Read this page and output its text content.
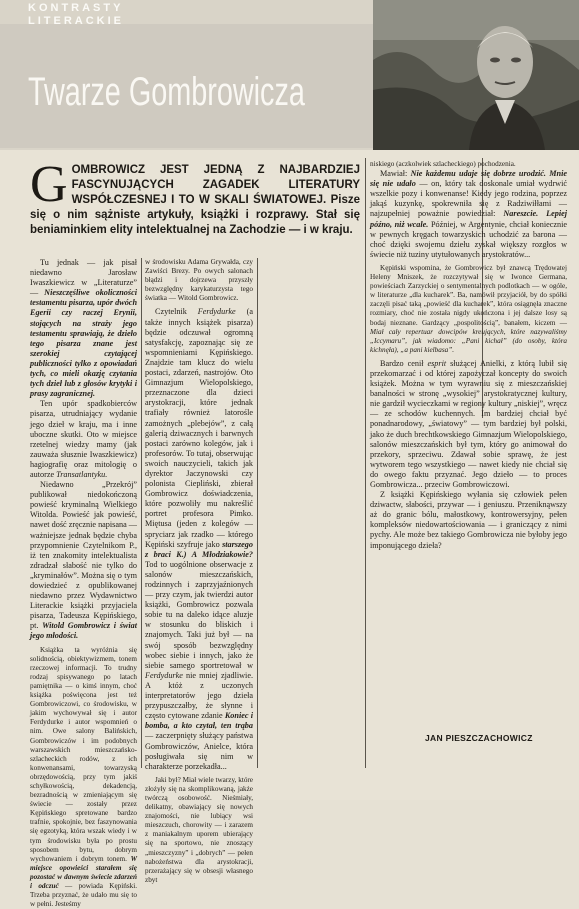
KONTRASTY
LITERACKIE
Twarze Gombrowicza
GOMBROWICZ JEST JEDNĄ Z NAJBARDZIEJ FASCYNUJĄCYCH ZAGADEK LITERATURY WSPÓŁCZESNEJ I TO W SKALI ŚWIATOWEJ. Pisze się o nim sążniste artykuły, książki i rozprawy. Stał się beniaminkiem elity intelektualnej na Zachodzie — i w kraju.

Tu jednak — jak pisał niedawno Jarosław Iwaszkiewicz w „Literaturze” — Nieszczęśliwe okoliczności testamentu pisarza, upór dwóch Egerii czy raczej Erynii, stojących na straży jego testamentu sprawiają, że dzieło tego pisarza znane jest szerokiej czytającej publiczności tylko z opowiadań tych, co mieli okazję czytania tych dzieł lub z głosów krytyki i prasy zagranicznej.

Ten upór spadkobierców pisarza, utrudniający wydanie jego dzieł w kraju, ma i inne uboczne skutki. Oto w miejsce rzetelnej wiedzy mamy (jak zauważa słusznie Iwaszkiewicz) hagiografię oraz mitologię o autorze Transatlantyku.

Niedawno „Przekrój” publikował niedokończoną powieść kryminalną Wielkiego Witolda. Powieść jak powieść, nawet dość zręcznie napisana — ważniejsze jednak będzie chyba przypomnienie Czytelnikom P., iż ten znakomity intelektualista zdradzał słabość nie tylko do „kryminałów”. Można się o tym dowiedzieć z opublikowanej niedawno przez Wydawnictwo Literackie książki przyjaciela pisarza, Tadeusza Kępińskiego, pt. Witold Gombrowicz i świat jego młodości.

Książka ta wyróżnia się solidnością, obiektywizmem, tonem rzeczowej informacji. To trudny rodzaj spisywanego po latach pamiętnika — o kimś innym, choć książka poświęcona jest też Gombrowiczowi, co środowisku, w jakim wychowywał się i autor Ferdydurke i autor wspomnień o nim. Owe salony Balińskich, Gombrowiczów i im podobnych warszawskich mieszczańsko-szlacheckich rodów, z ich konwenansami, towarzyską obrzędowością, przy tym jakiś schyłkowością, dekadencją, bezradnością w zmieniającym się świecie — zostały przez Kępińskiego spretowane bardzo trafnie, spokojnie, bez faszynowania się egzotyką, która wszak wiedy i w tym środowisku była po prostu sposobem bytu, dobrym wychowaniem i dobrym tonem. W miejsce opowieści starałem się pozostać w dawnym świecie zdarzeń i odczuć — powiada Kępiński. Trzeba przyznać, że udało mu się to w pełni. Jesteśmy

w środowisku Adama Grywałda, czy Zawiści Brezy. Po owych salonach błądzi i dojrzewa przyszły bezwzględny karykaturzysta tego światka — Witold Gombrowicz.

Czytelnik Ferdydurke (a także innych książek pisarza) będzie odczuwał ogromną satysfakcję, zapoznając się ze wspomnieniami Kępińskiego. Znajdzie tam klucz do wielu postaci, zdarzeń, nastrojów. Oto Gimnazjum Wielopolskiego, przeznaczone dla dzieci arystokracji, które jednak trafiały również latorośle zamożnych „plebejów”, z całą galerią dziwacznych i barwnych postaci zarówno kolegów, jak i profesorów. To tutaj, obserwując swoich nauczycieli, takich jak dyrektor Jaczynowski czy polonista Ciepliński, zbierał Gombrowicz doświadczenia, które pozwoliły mu nakreślić portret profesora Pimko. Miętusa (jeden z kolegów — spryciarz jak rzadko — którego Kępiński szyfruje jako starszego z braci K.) A Młodziakowie? Tod to uogólnione obserwacje z salonów mieszczańskich, rodzinnych i zaprzyjaźnionych — przy czym, jak twierdzi autor książki, Gombrowicz pozwala sobie tu na daleko idące aluzje w stosunku do bliskich i znajomych. Taki już był — na swój sposób bezwzględny wobec siebie i innych, jako że siebie samego sportretował w Ferdydurke nie mniej zjadliwie. A któż z uczonych interpretatorów jego dzieła przypuszczałby, że słynne i często cytowane zdanie Koniec i bomba, a kto czytał, ten trąba — zaczerpnięty służący państwa Gombrowiczów, Anielce, która posługiwała się nim w charakterze porzekadła...

Jaki był? Miał wiele twarzy, które złożyły się na skomplikowaną, jakże twórczą osobowość. Nieśmiały, delikatny, obawiający się nowych znajomości, nie lubiący wsi mieszczuch, chorowity — i zarazem z maniakalnym uporem ubierający się na sportowo, nie znoszący „mieszczyzny” i „dobrych” — pełen nabożeństwa dla arystokracji, przerażający się w obsesji własnego zbyt

niskiego (aczkolwiek szlacheckiego) pochodzenia.

Mawiał: Nie każdemu udaje się dobrze urodzić. Mnie się nie udało — on, który tak doskonale umiał wydrwić wszelkie pozy i konwenanse! Kiedy jego rodzina, poprzez jakąś kuzynkę, spokrewniła się z Radziwiłłami — najzupełniej poważnie powiedział: Nareszcie. Lepiej późno, niż wcale. Później, w Argentynie, chciał koniecznie w pewnych kręgach towarzyskich uchodzić za barona — choć dzięki swojemu dziełu zyskał większy rozgłos w świecie niż tuziny utytułowanych arystokratów...

Kępiński wspomina, że Gombrowicz był znawcą Trędowatej Heleny Mniszek, że rozczytywał się w Iwonce Germana, powieściach Zarzyckiej o sentymentalnych podlotkach — w ogóle, w literaturze „dla kucharek”. Ba, namówił przyjaciół, by do spółki zaczęli pisać taką „powieść dla kucharek”, która osiągnęła znaczne rozmiary, choć nie została nigdy ukończona i jej dalsze losy są bodaj nieznane. Gardzący „pospolitością”, banałem, kiczem — Miał cały repertuar dowcipów kreujących, które nazywaliśmy „Iccymaru”, jak wiadomo: „Pani kichał” (do osoby, która kichnęła), „a pani kielbasa”.

Bardzo cenił esprit służącej Anielki, z którą lubił się przekomarzać i od której zapożyczał koncepty do swoich książek. Można w tym wyrawniu się z mieszczańskiej banalności w stronę „wysokiej” arystokratycznej kultury, nie gardził wycieczkami w regiony kultury „niskiej”, wręcz — ze schodów kuchennych. Im bardziej chciał być ponadnarodowy, „światowy” — tym bardziej był polski, jako że duch brechtkowskiego Gimnazjum Wielopolskiego, salonów mieszczańskich był tym, który go animował do przekory, sprzeciwu. Zdawał sobie sprawę, że jest wytworem tego wszystkiego — nawet kiedy nie chciał się do owego faktu przyznać. Jego dzieło — to proces Gombrowicza... przeciw Gombrowiczowi.

Z książki Kępińskiego wyłania się człowiek pełen dziwactw, słabości, przywar — i geniuszu. Przeniknąwszy aż do granic bólu, małostkowy, kontrowersyjny, pełen kompleksów niedowartościowania — i graniczący z nimi pychy. Ale może bez takiego Gombrowicza nie byłoby jego imponującego dzieła?

JAN PIESZCZACHOWICZ
